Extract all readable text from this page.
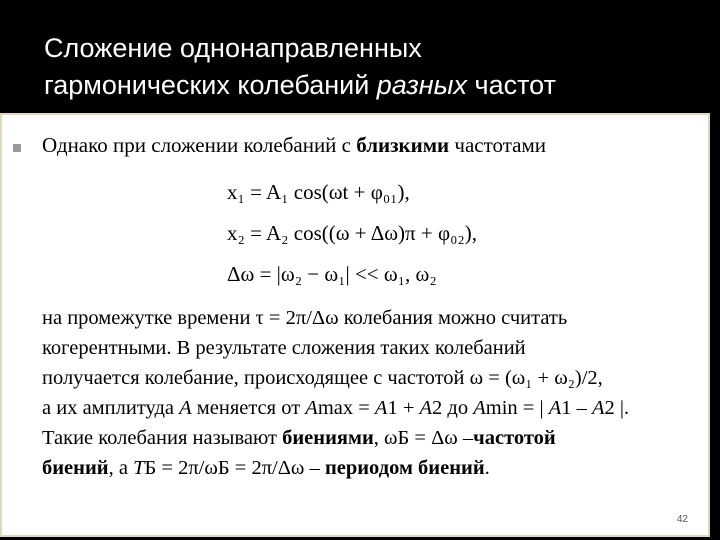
Сложение однонаправленных
гармонических колебаний разных частот
Однако при сложении колебаний с близкими частотами
x₁ = A₁ cos(ωt + φ₀₁),
x₂ = A₂ cos((ω + Δω)π + φ₀₂),
Δω = |ω₂ − ω₁| << ω₁, ω₂
на промежутке времени τ = 2π/Δω колебания можно считать
когерентными. В результате сложения таких колебаний
получается колебание, происходящее с частотой ω = (ω₁ + ω₂)/2,
а их амплитуда A меняется от Amax = A1 + A2 до Amin = | A1 – A2 |.
Такие колебания называют биениями, ωБ = Δω –частотой
биений, а TБ = 2π/ωБ = 2π/Δω – периодом биений.
42
